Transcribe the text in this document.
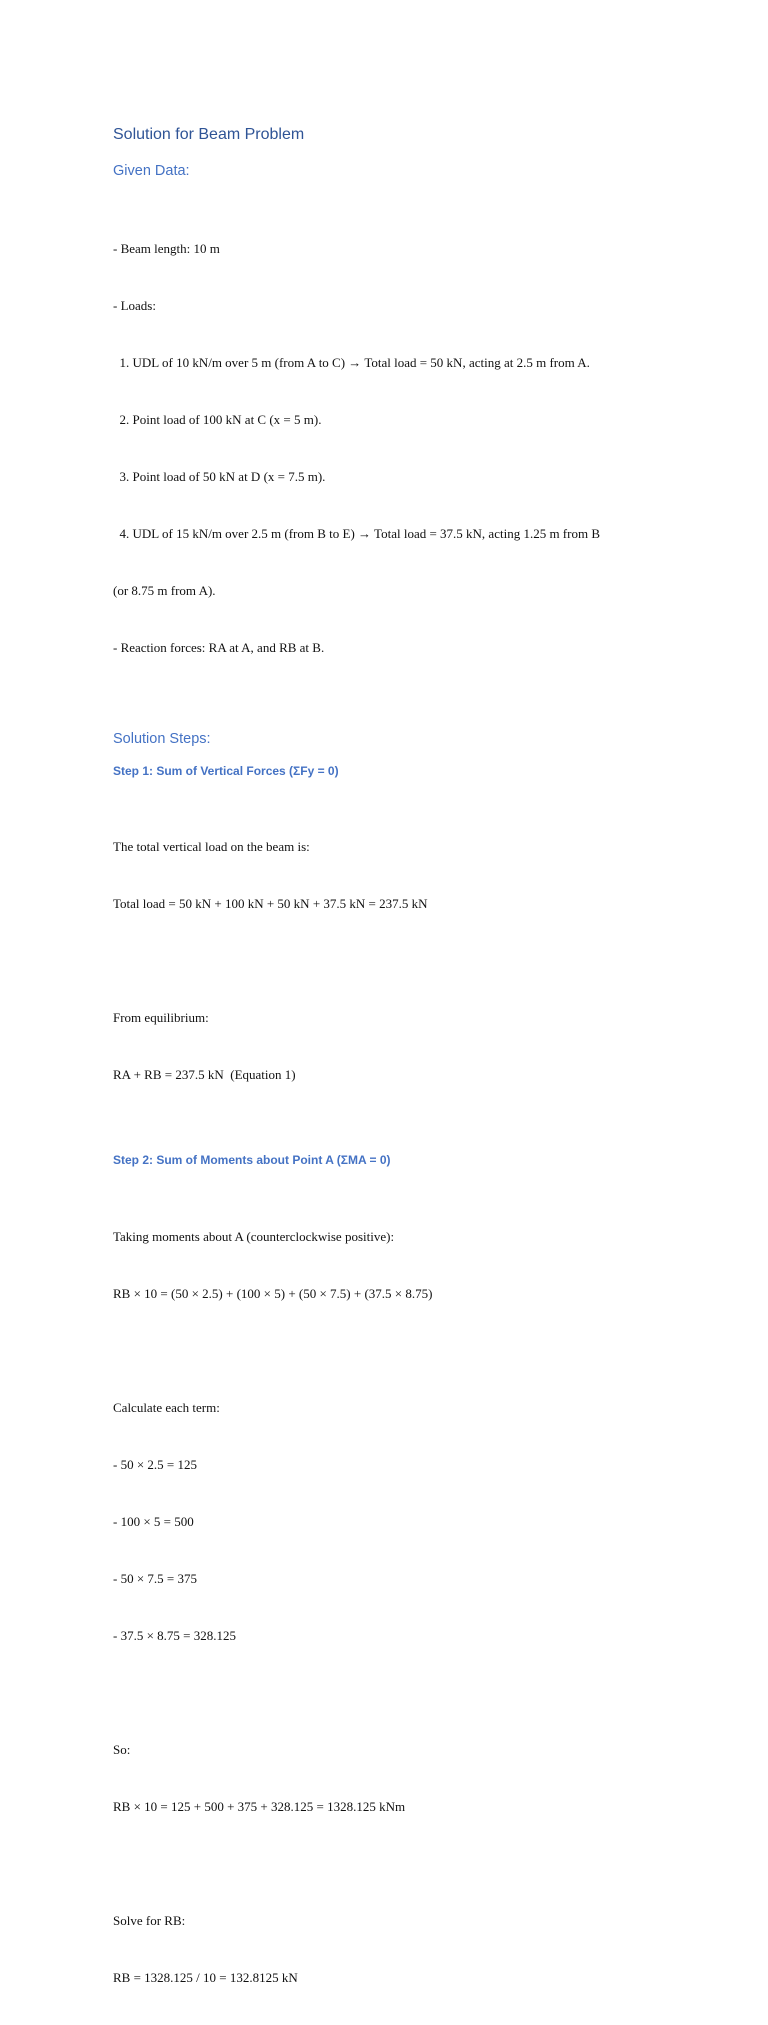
Solution for Beam Problem
Given Data:

- Beam length: 10 m

- Loads:

1. UDL of 10 kN/m over 5 m (from A to C) → Total load = 50 kN, acting at 2.5 m from A.

2. Point load of 100 kN at C (x = 5 m).

3. Point load of 50 kN at D (x = 7.5 m).

4. UDL of 15 kN/m over 2.5 m (from B to E) → Total load = 37.5 kN, acting 1.25 m from B

(or 8.75 m from A).

- Reaction forces: RA at A, and RB at B.

Solution Steps:
Step 1: Sum of Vertical Forces (ΣFy = 0)

The total vertical load on the beam is:

Total load = 50 kN + 100 kN + 50 kN + 37.5 kN = 237.5 kN

From equilibrium:

RA + RB = 237.5 kN  (Equation 1)

Step 2: Sum of Moments about Point A (ΣMA = 0)

Taking moments about A (counterclockwise positive):

RB × 10 = (50 × 2.5) + (100 × 5) + (50 × 7.5) + (37.5 × 8.75)

Calculate each term:

- 50 × 2.5 = 125

- 100 × 5 = 500

- 50 × 7.5 = 375

- 37.5 × 8.75 = 328.125

So:

RB × 10 = 125 + 500 + 375 + 328.125 = 1328.125 kNm

Solve for RB:

RB = 1328.125 / 10 = 132.8125 kN
